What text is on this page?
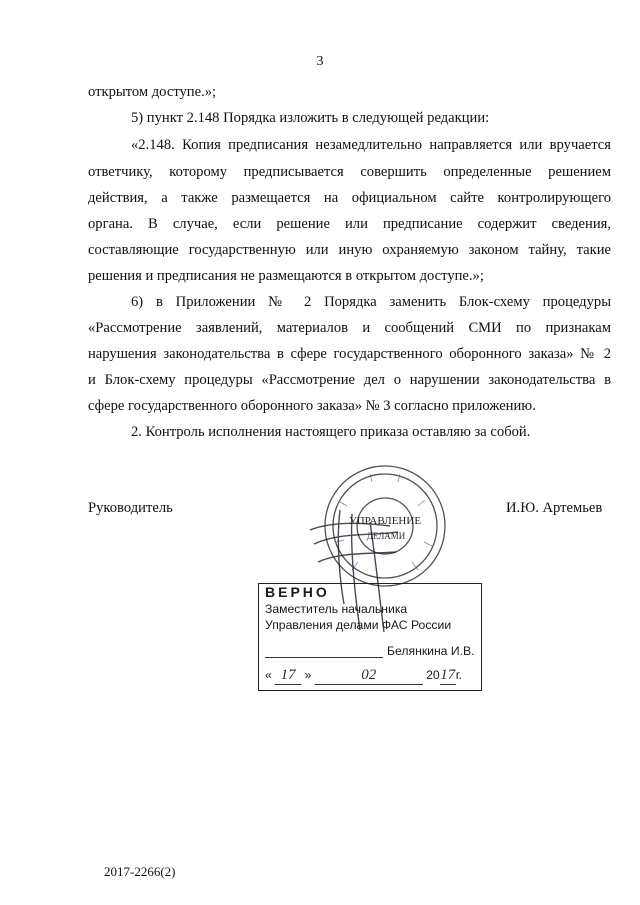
3
открытом доступе.»;
5) пункт 2.148 Порядка изложить в следующей редакции:
«2.148. Копия предписания незамедлительно направляется или вручается
ответчику, которому предписывается совершить определенные решением
действия, а также размещается на официальном сайте контролирующего
органа. В случае, если решение или предписание содержит сведения,
составляющие государственную или иную охраняемую законом тайну, такие
решения и предписания не размещаются в открытом доступе.»;
6) в Приложении № 2 Порядка заменить Блок-схему процедуры
«Рассмотрение заявлений, материалов и сообщений СМИ по признакам
нарушения законодательства в сфере государственного оборонного заказа» № 2
и Блок-схему процедуры «Рассмотрение дел о нарушении законодательства в
сфере государственного оборонного заказа» № 3 согласно приложению.
2. Контроль исполнения настоящего приказа оставляю за собой.
Руководитель	И.Ю. Артемьев
УПРАВЛЕНИЕ
ДЕЛАМИ
ВЕРНО
Заместитель начальника
Управления делами ФАС России
Белянкина И.В.
« 17 »	02	2017г.
2017-2266(2)
